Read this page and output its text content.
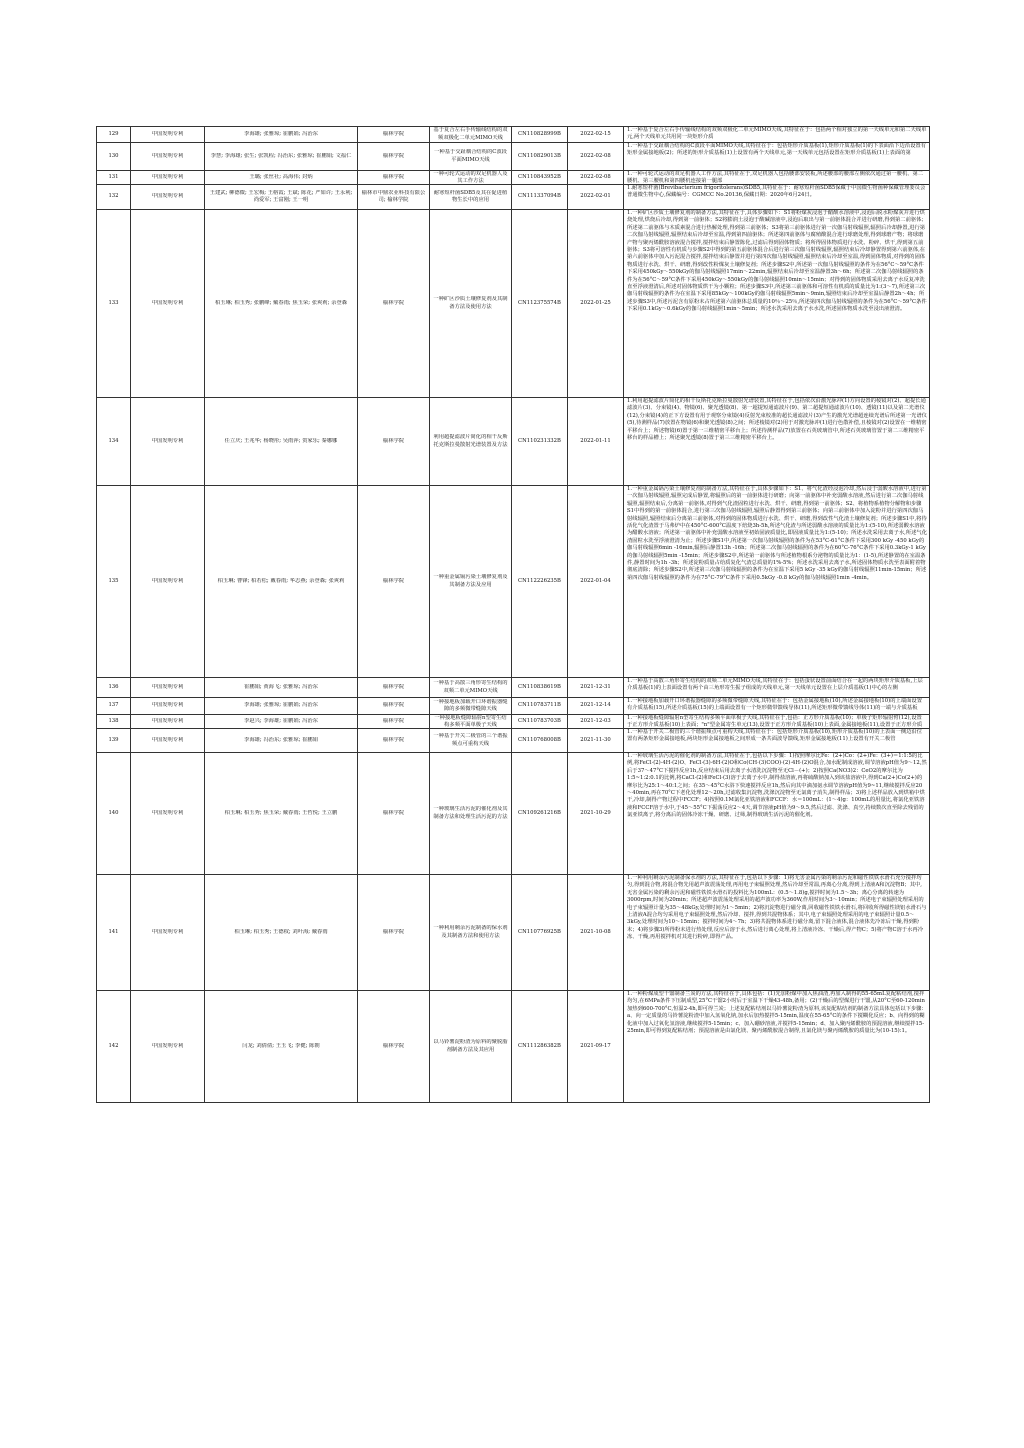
129	中国发明专利	李海雄; 张雅琼; 崔鹏娟; 冯治东	榆林学院	基于复合左右手传输线结构的双频双极化二单元MIMO天线	CN110828999B	2022-02-15	1.一种基于复合左右手传输线结构的双频双极化二单元MIMO天线,其特征在于：包括两个相对独立的第一天线单元和第二天线单元,两个天线单元共用同一块矩形介质

130	中国发明专利	李慧; 李海雄; 张生; 张凯程; 冯治东; 张雅琼; 崔鹏娟; 文福仁	榆林学院	一种基于交趾耦合结构的C波段平面MIMO天线	CN110829013B	2022-02-08	1.一种基于交趾耦合结构的C波段平面MIMO天线,其特征在于：包括矩形介质基板(1),矩形介质基板(1)的下表面沿下边沿设置有矩形金属接地板(2)；所述的矩形介质基板(1)上设置有两个天线单元,第一天线单元包括设置在矩形介质基板(1)上表面的第

131	中国发明专利	王璐; 张丝社; 高海伟; 封炳	榆林学院	一种可轮式运动的双足机器人及其工作方法	CN110843952B	2022-02-08	1.一种可轮式运动的双足机器人工作方法,其特征在于,双足机器人包括腰部安装板,所述腰部的腰部左侧依次通过第一腰机、第二腰机、第三腰机和第四腰机连接第一腿部

132	中国发明专利	王建武; 柳德微; 王宏梅; 王榕霞; 王斌; 陈花; 严如许; 王永利; 尚爱军; 王富刚; 王一明	榆林市中鼎农业科技有限公司; 榆林学院	耐寒短杆菌SDB5及其在促进植物生长中的应用	CN111337094B	2022-02-01	1.耐寒短杆菌(Brevibacterium frigoritolerans)SDB5,其特征在于：耐寒短杆菌SDB5保藏于中国微生物菌种保藏管理委员会普通微生物中心,保藏编号：CGMCC No.20136,保藏日期：2020年6月24日。

133	中国发明专利	柏玉琳; 柏玉秀; 张鹏峰; 戴春雨; 焦玉荣; 张爽莉; 余登森	榆林学院	一种矿区沙质土壤修复剂及其制备方法及使用方法	CN112375574B	2022-01-25	1.一种矿区沙质土壤修复剂的制备方法,其特征在于,具体步骤如下：S1将粉煤灰浸泡于醋酸水溶液中,浸泡后脱水粉煤灰并进行烘烧处理,烘烧后冷却,得到第一前驱体；S2将膨润土浸泡于酸碱溶液中,浸泡后取出与第一前驱体混合并进行研磨,得到第二前驱体；所述第二前驱体与木质素混合进行热解处理,得到第三前驱体；S3将第三前驱体进行第一次伽马射线辐照,辐照后冷却静置,进行第二次伽马射线辐照,辐照结束后冷却至室温,得到第四前驱体；所述第四前驱体与腐殖酸混合进行球磨处理,得到球磨产物；将球磨产物与聚丙烯酰胺溶液混合搅拌,搅拌结束后静置陈化,过滤后得到固体物质；将所得固体物质进行水洗、粉碎、烘干,得到第五前驱体；S3将可溶性有机质与步骤S2中得到的第五前驱体混合后进行第三次伽马射线辐照,辐照结束后冷却静置得到第六前驱体,在第六前驱体中加入污泥混合搅拌,搅拌结束后静置并进行第四次伽马射线辐照,辐照结束后冷却至室温,得到固体物质,对得到的固体物质进行水洗、烘干、研磨,得到改性粉煤灰土壤修复剂；所述步骤S2中,所述第一次伽马射线辐照的条件为在56°C～59°C条件下采用450kGy～550kGy的伽马射线辐照17min～22min,辐照结束后冷却至室温静置3h～6h；所述第二次伽马射线辐照的条件为在56°C～59°C条件下采用450kGy～550kGy的伽马射线辐照10min～15min；对得到的固体物质采用去离子水反复冲洗直至浮液澄清后,所述对固体物质烘干为小颗粒；所述步骤S3中,所述第三前驱体和可溶性有机质的质量比为1:(3～7),所述第三次伽马射线辐照的条件为在室温下采用85kGy～100kGy的伽马射线辐照5min～9min,辐照结束后冷却至室温后静置2h～4h；所述步骤S3中,所述污泥含有原粉末占所述第六前驱体总质量的10％～25％,所述第四次伽马射线辐照的条件为在56°C～59°C条件下采用0.1kGy～0.6kGy的伽马射线辐照1min～5min；所述水洗采用去离子水水洗,所述固体物质水洗至浸出液澄清。

134	中国发明专利	任立庆; 王兆华; 杨晓彤; 吴雨萍; 贺家乐; 秦娜娜	榆林学院	利用超提滤波片简化的相干反斯托克斯拉曼散射光谱装置及方法	CN110231332B	2022-01-11	1.利用超提滤波片简化的相干反斯托克斯拉曼散射光谱装置,其特征在于,包括依次沿激光脉冲(1)方向设置的棱镜对(2)、超提长通滤波片(3)、分束镜(4)、物镜(6)、聚光透镜(8)、第一超提短通滤波片(9)、第二超提短通滤波片(10)、透镜(11)以及第二光谱仪(12),分束镜(4)的正下方设置有用于观察分束镜(4)反射光束校准的超长通滤波片(3)产生的激光光谱超连续光谱后所述第一光谱仪(5),待测样品(7)放置在物镜(6)和聚光透镜(8)之间；所述棱镜对(2)用于对激光脉冲(1)进行色散补偿,且棱镜对(2)设置在一维精密平移台上；所述物镜(6)置于第一三维精密平移台上；所述待测样品(7)放置在石英玻璃管中,所述石英玻璃管置于第二三维精密平移台的样品槽上；所述聚光透镜(8)置于第三三维精密平移台上。

135	中国发明专利	柏玉琳; 曹锋; 柏若松; 戴春雨; 华志燕; 余登森; 张爽莉	榆林学院	一种重金属镉污染土壤修复剂及其制备方法及应用	CN112226235B	2022-01-04	1.一种重金属镉污染土壤修复剂的制备方法,其特征在于,具体步骤如下：S1、将气化渣经浸泡冷却,然后浸于弱酸水溶液中,进行第一次伽马射线辐照,辐照完成后静置,将辐照后的第一前驱体进行研磨；向第一前驱体中补充弱酸水溶液,然后进行第二次伽马射线辐照,辐照结束后,分离第一前驱体,对得到气化渣固粒进行水洗、烘干、研磨,得到第一前驱体；S2、将植物系植物分解物和步骤S1中得到的第一前驱体混合,进行第三次伽马射线辐照,辐照后静置得到第三前驱体；向第三前驱体中加入淀粉并进行第四次伽马射线辐照,辐照结束后分离第三前驱体,对得到的固体物质进行水洗、烘干、研磨,得到改性气化渣土壤修复剂；所述步骤S1中,将待活化气化渣置于马弗炉中在450°C-600°C温度下焙烧3h-5h,所述气化渣与所述弱酸水溶液的质量比为1:(5-10),所述弱酸水溶液为醋酸水溶液；所述第一前驱体中补充弱酸水溶液至初始固液质量比,即固液质量比为1:(5-10)；所述水洗采用去离子水,所述气化渣固粒水洗至浮液澄清为止；所述步骤S1中,所述第一次伽马射线辐照的条件为在53°C-61°C条件下采用300 kGy -450 kGy的伽马射线辐照6min -16min,辐照后静置13h -16h；所述第二次伽马射线辐照的条件为在60°C-76°C条件下采用0.3kGy-1 kGy的伽马射线辐照5min -15min；所述步骤S2中,所述第一前驱体与所述植物根系分泌物的质量比为1：(1-5),所述静置的在室温条件,静置时间为1h -3h；所述淀粉质量占给质复化气渣总质量的1%-5%；所述水洗采用去离子水,所述固体物质水洗至表面附着物彻底清除；所述步骤S2中,所述第三次伽马射线辐照的条件为在室温下采用5 kGy -35 kGy的伽马射线辐照11min-15min；所述第四次伽马射线辐照的条件为在75°C-79°C条件下采用0.5kGy -0.8 kGy的伽马射线辐照1min -4min。

136	中国发明专利	崔鹏娟; 黄海飞; 张雅琼; 冯治东	榆林学院	一种基于高散三角形寄生结构的双频二单元MIMO天线	CN110838619B	2021-12-31	1.一种基于高散三角形寄生结构的双频二单元MIMO天线,其特征在于：包括蛋状设置前面结合在一起的两块矩形介质基板,上层介质基板(1)的上表面设置有两个由三角形寄生振子组成的天线单元,第一天线单元设置在上层介质基板(1)中心的左侧

137	中国发明专利	李海雄; 张雅琼; 崔鹏娟; 冯治东	榆林学院	一种接地板加载开口环谐振器缝隙的多频微带缝隙天线	CN110783711B	2021-12-14	1.一种接地板加载开口环谐振器缝隙的多频微带缝隙天线,其特征在于：包括金属接地板(10),所述金属接地板(10)的上端面设置有介质基板(15),所述介质基板(15)的上端面设置有一个矩形微带馈线导体(11),所述矩形微带馈线导体(11)的一端与介质基板

138	中国发明专利	李赵兴; 李海雄; 崔鹏娟; 冯治东	榆林学院	一种接地板缝隙辐射n型寄生结构多频平面单极子天线	CN110783703B	2021-12-03	1.一种接地板缝隙辐射n型寄生结构多频平面单极子天线,其特征在于,包括：正方形介质基板(10)；单极子矩形辐射臂(12),设置于正方形介质基板(10)上表面；"n"型金属寄生单元(13),设置于正方形介质基板(10)上表面,金属接地板(11),设置于正方形介质

139	中国发明专利	李海雄; 冯治东; 张雅琼; 崔鹏娟	榆林学院	一种基于开关二极管的三个谐振频点可重构天线	CN110768008B	2021-11-30	1.一种基于开关二极管的三个谐振频点可重构天线,其特征在于：包括矩形介质基板(10),矩形介质基板(10)的上表面一侧边沿位置有两条矩形金属接地板,两块矩形金属接地板之间形成一条共面波导馈线,矩形金属接地板(11)上设置有开关二极管

140	中国发明专利	柏玉琳; 柏玉秀; 焦玉荣; 戴春雨; 王哲悦; 王立鹏	榆林学院	一种玻璃生活污泥的催化剂及其制备方法和处理生活污泥的方法	CN109261216B	2021-10-29	1.一种玻璃生活污泥的催化剂的制备方法,其特征在于,包括以下步骤：1)按照摩尔比Fe：(2+)Co：(2+)Fe：(3+)＝1:1:5的比例,将FeCl·(2)·4H·(2)O、FeCl·(3)·6H·(2)O和Co(CH·(3)COO)·(2)·4H·(2)O混合,加水配制成溶液,调节溶液pH值为9～12,然后于37～47°C下搅拌反应1h,反应结束后用去离子水清洗沉淀物至无Cl－(+)；2)按照Ca(NO3)2：CeO2的摩尔比为1:5~1:2:0.1的比例,将CaCl·(2)和FeCl·(3)溶于去离子水中,制得盐溶液,再将硫酸钠加入到该盐溶液中,得到Ca(2+)Co(2+)的摩尔比为25:1～40:1之间；在35～45°C水浴下快速搅拌反应1h,然后向其中滴加氨水调节溶液pH值为9~11,继续搅拌反应20～40min,再在70°C下老化处理12～20h,过滤收集沉淀物,洗涤沉淀物至无氯离子消失,制得样品；3)将上述样品放入到烘箱中烘干,冷却,制得产物过程中FCCF；4)按照0.1M氯化亚铁溶液和FCCF：水＝100mL：(1～4)g：100mL的用量比,将氯化亚铁溶液和FCCF溶于水中,于45～55°C下振荡反应2～4天,调节溶液pH值为9～9.5,然后过滤、洗涤、真空,持续数次直至除去残留的氯亚铁离子,将分离后的固体冷冻干燥、研磨、过筛,制得玻璃生活污泥的催化剂。

141	中国发明专利	柏玉琳; 柏玉秀; 王德权; 刘叶海; 戴春雨	榆林学院	一种利用剩余污泥制备的保水剂及其制备方法和使用方法	CN110776925B	2021-10-08	1.一种利用剩余污泥制备保水剂的方法,其特征在于,包括以下步骤：1)将无害金属污染的剩余污泥和磁性铁铁水滑石充分搅拌均匀,得到混合物,将混合物先用超声波震荡处理,再用电子束辐照处理,然后冷却至常温,再离心分离,得到上清液A和沉淀物B；其中,无害金属污染的剩余污泥和磁性铁铁水滑石的投料比为100mL：(0.5～1.8)g,搅拌时间为1.5～3h；离心分离的转速为3000rpm,时间为20min；所述超声波震荡处理采用的超声波功率为360W,作用时间为3～10min；所述电子束辐照处理采用的电子束辐照计量为35～48kGy,处理时间为1～5min；2)将沉淀物进行磁分离,回收磁性铁铁水滑石,将回收所得磁性镁铝水滑石与上清液A混合均匀采用电子束辐照处理,然后冷却、搅拌,得到共混物体系；其中,电子束辐照处理采用的电子束辐照计量0.5～3kGy,处理时间为10～15min；搅拌时间为4～7h；3)将共混物体系进行磁分离,留下混合液体,混合液体先冷冻后干燥,得到粉末；4)将步骤3)所得粉末进行热处理,反应后溶于水,然后进行离心处理,将上清液冷冻、干燥后,得产物C；5)将产物C溶于水再冷冻、干燥,再用搅拌机对其进行粉碎,即得产品。

142	中国发明专利	闫龙; 刘倩倩; 王玉飞; 李健; 陈朝	榆林学院	以马铃薯淀粉渣为原料的聚脱脂剂制备方法及其应用	CN111286382B	2021-09-17	1.一种粉煤成型干馏制备兰炭的方法,其特征在于,具体包括：(1)先加粉煤中加入焦油渣,再加入制得的55-65mL复配粘结剂,搅拌均匀,在6MPa条件下压制成型,25°C干馏2小时后于室温下干燥43-48h,备用；(2)干燥后的型煤进行干馏,从20°C至60-120min加热到600-700°C,恒温2-4h,即可得兰炭；上述复配粘结剂以马铃薯淀粉渣为原料,该复配粘结剂的制备方法具体包括以下步骤：a、向一定质量的马铃薯淀粉渣中加入氢氧化钠,加水后加热搅拌5-15min,温度在55-65°C的条件下搅糊化反应；b、向得到的糊化液中加入过氧化氢溶液,继续搅拌5-15min；c、加入硼砂溶液,并搅拌5-15min；d、加入聚丙烯酰胺的预混溶液,继续搅拌15-25min,即可得到复配粘结剂；预混溶液是由氯化镁、聚丙烯酰胺混合制得,且氯化镁与聚丙烯酰胺的质量比为(10-15):1。
